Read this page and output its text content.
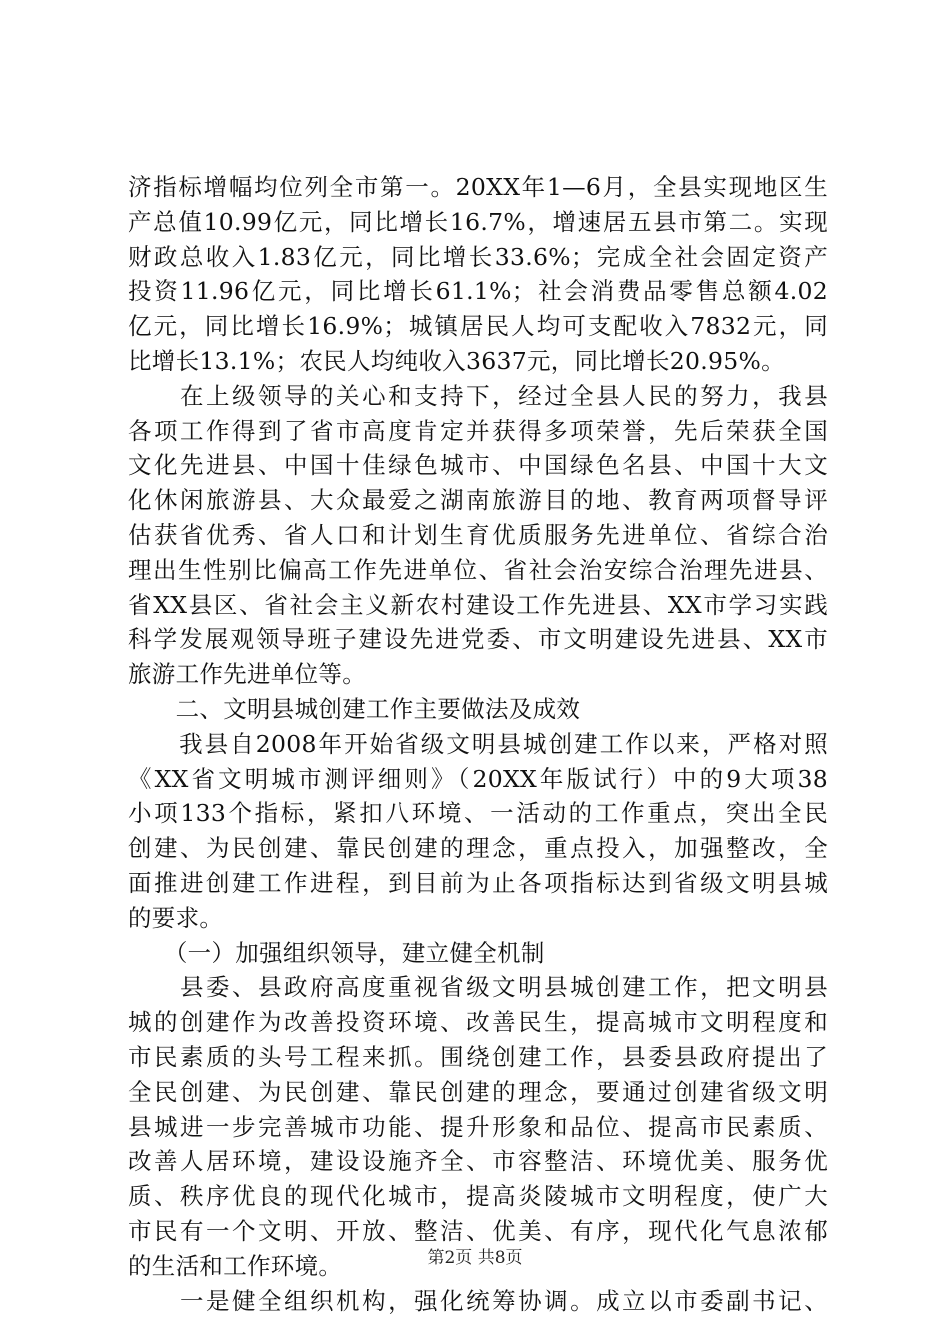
济指标增幅均位列全市第一。20XX年1—6月，全县实现地区生
产总值10.99亿元，同比增长16.7%，增速居五县市第二。实现
财政总收入1.83亿元，同比增长33.6%；完成全社会固定资产
投资11.96亿元，同比增长61.1%；社会消费品零售总额4.02
亿元，同比增长16.9%；城镇居民人均可支配收入7832元，同
比增长13.1%；农民人均纯收入3637元，同比增长20.95%。
　　在上级领导的关心和支持下，经过全县人民的努力，我县
各项工作得到了省市高度肯定并获得多项荣誉，先后荣获全国
文化先进县、中国十佳绿色城市、中国绿色名县、中国十大文
化休闲旅游县、大众最爱之湖南旅游目的地、教育两项督导评
估获省优秀、省人口和计划生育优质服务先进单位、省综合治
理出生性别比偏高工作先进单位、省社会治安综合治理先进县、
省XX县区、省社会主义新农村建设工作先进县、XX市学习实践
科学发展观领导班子建设先进党委、市文明建设先进县、XX市
旅游工作先进单位等。
　　二、文明县城创建工作主要做法及成效
　　我县自2008年开始省级文明县城创建工作以来，严格对照
《XX省文明城市测评细则》（20XX年版试行）中的9大项38
小项133个指标，紧扣八环境、一活动的工作重点，突出全民
创建、为民创建、靠民创建的理念，重点投入，加强整改，全
面推进创建工作进程，到目前为止各项指标达到省级文明县城
的要求。
　　（一）加强组织领导，建立健全机制
　　县委、县政府高度重视省级文明县城创建工作，把文明县
城的创建作为改善投资环境、改善民生，提高城市文明程度和
市民素质的头号工程来抓。围绕创建工作，县委县政府提出了
全民创建、为民创建、靠民创建的理念，要通过创建省级文明
县城进一步完善城市功能、提升形象和品位、提高市民素质、
改善人居环境，建设设施齐全、市容整洁、环境优美、服务优
质、秩序优良的现代化城市，提高炎陵城市文明程度，使广大
市民有一个文明、开放、整洁、优美、有序，现代化气息浓郁
的生活和工作环境。
　　一是健全组织机构，强化统筹协调。成立以市委副书记、
第2页 共8页
